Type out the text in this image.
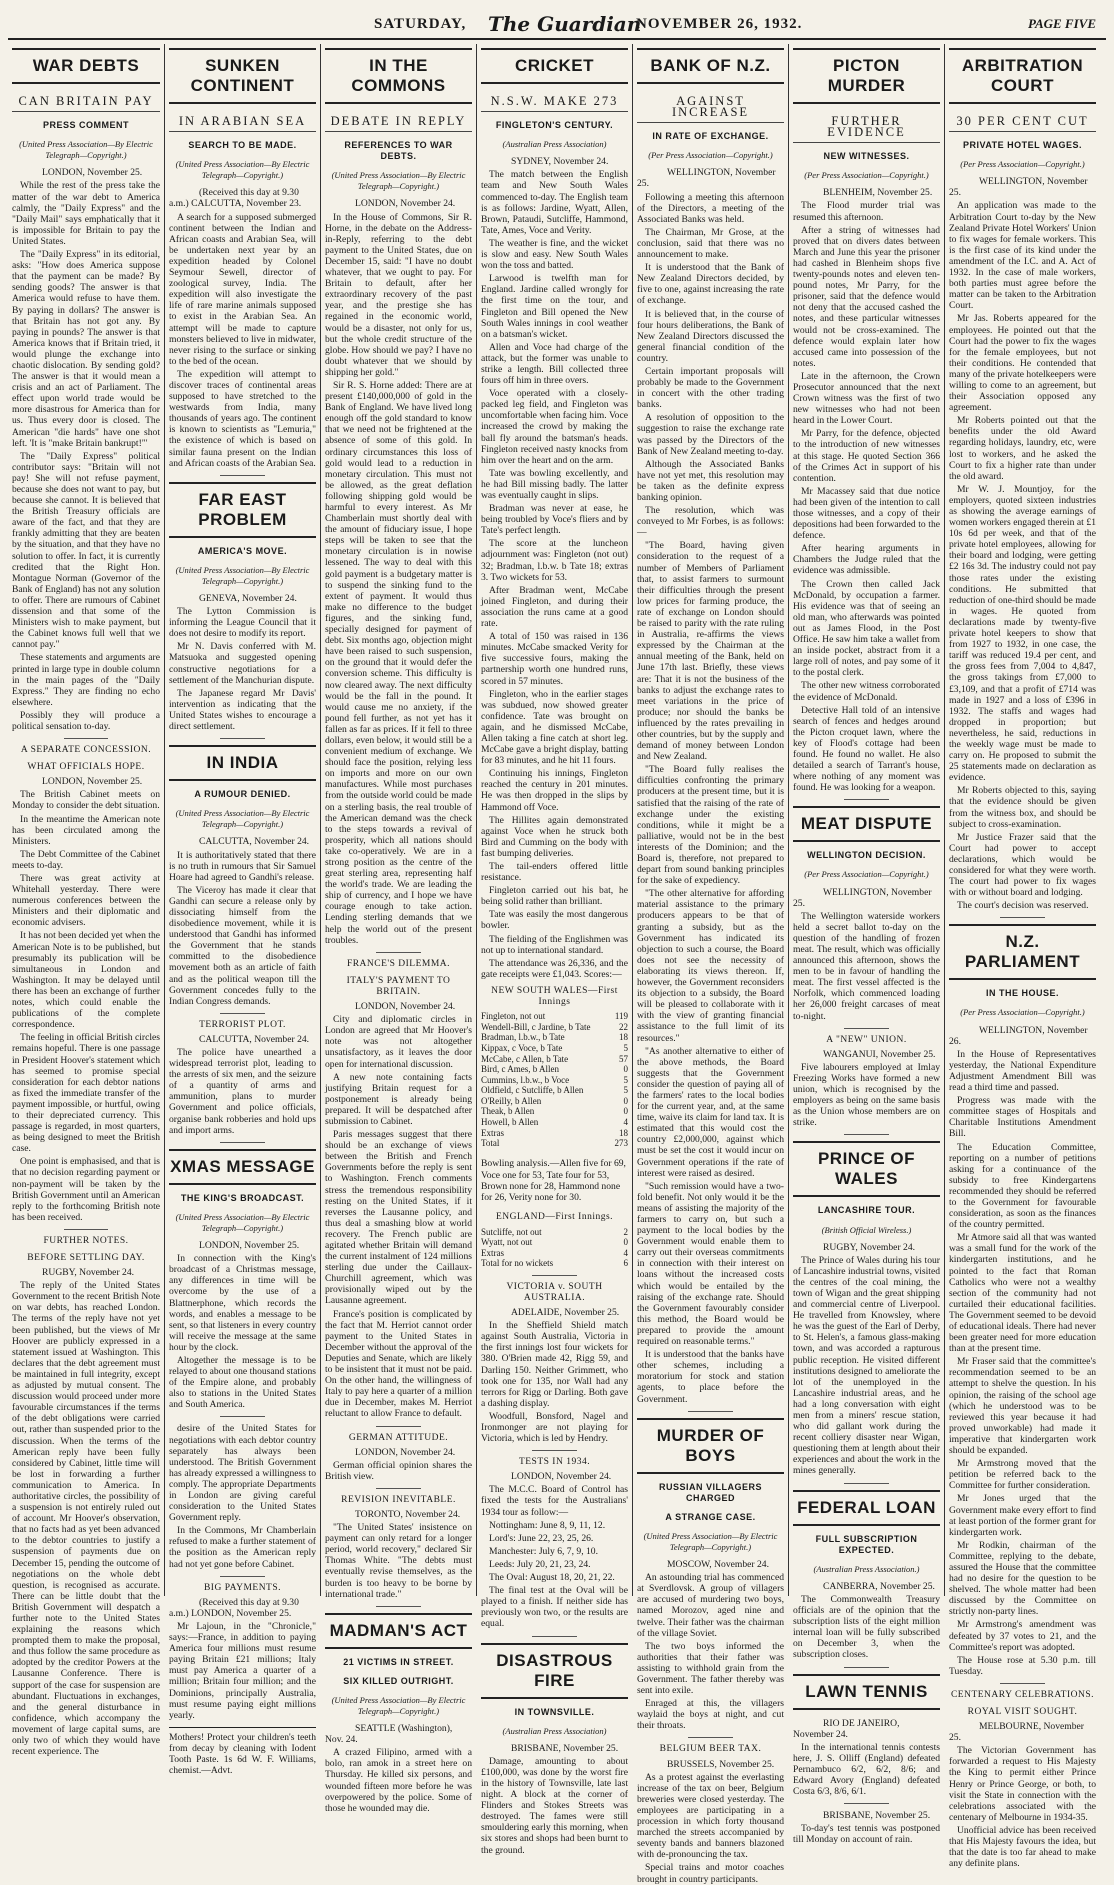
SATURDAY, The Guardian
NOVEMBER 26, 1932.	PAGE FIVE
WAR DEBTS
CAN BRITAIN PAY
PRESS COMMENT
(United Press Association—By Electric Telegraph—Copyright.)
LONDON, November 25.

While the rest of the press take the matter of the war debt to America calmly, the "Daily Express" and the "Daily Mail" says emphatically that it is impossible for Britain to pay the United States.

The "Daily Express" in its editorial, asks: "How does America suppose that the payment can be made? By sending goods? The answer is that America would refuse to have them. By paying in dollars? The answer is that Britain has not got any. By paying in pounds? The answer is that America knows that if Britain tried, it would plunge the exchange into chaotic dislocation. By sending gold? The answer is that it would mean a crisis and an act of Parliament. The effect upon world trade would be more disastrous for America than for us. Thus every door is closed. The American "die hards" have one shot left. 'It is "make Britain bankrupt!"'

The "Daily Express" political contributor says: "Britain will not pay! She will not refuse payment, because she does not want to pay, but because she cannot. It is believed that the British Treasury officials are aware of the fact, and that they are frankly admitting that they are beaten by the situation, and that they have no solution to offer. In fact, it is currently credited that the Right Hon. Montague Norman (Governor of the Bank of England) has not any solution to offer. There are rumours of Cabinet dissension and that some of the Ministers wish to make payment, but the Cabinet knows full well that we cannot pay."

These statements and arguments are printed in large type in double column in the main pages of the "Daily Express." They are finding no echo elsewhere.

Possibly they will produce a political sensation to-day.

A SEPARATE CONCESSION.
WHAT OFFICIALS HOPE.
LONDON, November 25.

The British Cabinet meets on Monday to consider the debt situation.

In the meantime the American note has been circulated among the Ministers.

The Debt Committee of the Cabinet meets to-day.

There was great activity at Whitehall yesterday. There were numerous conferences between the Ministers and their diplomatic and economic advisers.

It has not been decided yet when the American Note is to be published, but presumably its publication will be simultaneous in London and Washington. It may be delayed until there has been an exchange of further notes, which could enable the publications of the complete correspondence.

The feeling in official British circles remains hopeful. There is one passage in President Hoover's statement which has seemed to promise special consideration for each debtor nations as fixed the immediate transfer of the payment impossible, or hurtful, owing to their depreciated currency. This passage is regarded, in most quarters, as being designed to meet the British case.

One point is emphasised, and that is that no decision regarding payment or non-payment will be taken by the British Government until an American reply to the forthcoming British note has been received.

FURTHER NOTES.
BEFORE SETTLING DAY.
RUGBY, November 24.

The reply of the United States Government to the recent British Note on war debts, has reached London. The terms of the reply have not yet been published, but the views of Mr Hoover are publicly expressed in a statement issued at Washington. This declares that the debt agreement must be maintained in full integrity, except as adjusted by mutual consent. The discussion would proceed under more favourable circumstances if the terms of the debt obligations were carried out, rather than suspended prior to the discussion. When the terms of the American reply have been fully considered by Cabinet, little time will be lost in forwarding a further communication to America. In authoritative circles, the possibility of a suspension is not entirely ruled out of account. Mr Hoover's observation, that no facts had as yet been advanced to the debtor countries to justify a suspension of payments due on December 15, pending the outcome of negotiations on the whole debt question, is recognised as accurate. There can be little doubt that the British Government will despatch a further note to the United States explaining the reasons which prompted them to make the proposal, and thus follow the same procedure as adopted by the creditor Powers at the Lausanne Conference. There is support of the case for suspension are abundant. Fluctuations in exchanges, and the general disturbance in confidence, which accompany the movement of large capital sums, are only two of which they would have recent experience. The

SUNKEN CONTINENT
IN ARABIAN SEA
SEARCH TO BE MADE.
(United Press Association—By Electric Telegraph—Copyright.)
(Received this day at 9.30 a.m.) CALCUTTA, November 23.

A search for a supposed submerged continent between the Indian and African coasts and Arabian Sea, will be undertaken next year by an expedition headed by Colonel Seymour Sewell, director of zoological survey, India. The expedition will also investigate the life of rare marine animals supposed to exist in the Arabian Sea. An attempt will be made to capture monsters believed to live in midwater, never rising to the surface or sinking to the bed of the ocean.

The expedition will attempt to discover traces of continental areas supposed to have stretched to the westwards from India, many thousands of years ago. The continent is known to scientists as "Lemuria," the existence of which is based on similar fauna present on the Indian and African coasts of the Arabian Sea.

FAR EAST PROBLEM
AMERICA'S MOVE.
(United Press Association—By Electric Telegraph—Copyright.)
GENEVA, November 24.

The Lytton Commission is informing the League Council that it does not desire to modify its report.

Mr N. Davis conferred with M. Matsuoka and suggested opening constructive negotiations for a settlement of the Manchurian dispute.

The Japanese regard Mr Davis' intervention as indicating that the United States wishes to encourage a direct settlement.

IN INDIA
A RUMOUR DENIED.
(United Press Association—By Electric Telegraph—Copyright.)
CALCUTTA, November 24.

It is authoritatively stated that there is no truth in rumours that Sir Samuel Hoare had agreed to Gandhi's release.

The Viceroy has made it clear that Gandhi can secure a release only by dissociating himself from the disobedience movement, while it is understood that Gandhi has informed the Government that he stands committed to the disobedience movement both as an article of faith and as the political weapon till the Government concedes fully to the Indian Congress demands.

TERRORIST PLOT.
CALCUTTA, November 24.

The police have unearthed a widespread terrorist plot, leading to the arrests of six men, and the seizure of a quantity of arms and ammunition, plans to murder Government and police officials, organise bank robberies and hold ups and import arms.

XMAS MESSAGE
THE KING'S BROADCAST.
(United Press Association—By Electric Telegraph—Copyright.)
LONDON, November 25.

In connection with the King's broadcast of a Christmas message, any differences in time will be overcome by the use of a Blattnerphone, which records the words, and enables a message to be sent, so that listeners in every country will receive the message at the same hour by the clock.

Altogether the message is to be relayed to about one thousand stations of the Empire alone, and probably also to stations in the United States and South America.

desire of the United States for negotiations with each debtor country separately has always been understood. The British Government has already expressed a willingness to comply. The appropriate Departments in London are giving careful consideration to the United States Government reply.

In the Commons, Mr Chamberlain refused to make a further statement of the position as the American reply had not yet gone before Cabinet.

BIG PAYMENTS.
(Received this day at 9.30 a.m.) LONDON, November 25.

Mr Lajoun, in the "Chronicle," says:—France, in addition to paying America four millions must resume paying Britain £21 millions; Italy must pay America a quarter of a million; Britain four million; and the Dominions, principally Australia, must resume paying eight millions yearly.

Mothers! Protect your children's teeth from decay by cleaning with Iodent Tooth Paste. 1s 6d W. F. Williams, chemist.—Advt.
IN THE COMMONS
DEBATE IN REPLY
REFERENCES TO WAR DEBTS.
(United Press Association—By Electric Telegraph—Copyright.)
LONDON, November 24.

In the House of Commons, Sir R. Horne, in the debate on the Address-in-Reply, referring to the debt payment to the United States, due on December 15, said: "I have no doubt whatever, that we ought to pay. For Britain to default, after her extraordinary recovery of the past year, and the prestige she has regained in the economic world, would be a disaster, not only for us, but the whole credit structure of the globe. How should we pay? I have no doubt whatever that we should by shipping her gold."

Sir R. S. Horne added: There are at present £140,000,000 of gold in the Bank of England. We have lived long enough off the gold standard to know that we need not be frightened at the absence of some of this gold. In ordinary circumstances this loss of gold would lead to a reduction in monetary circulation. This must not be allowed, as the great deflation following shipping gold would be harmful to every interest. As Mr Chamberlain must shortly deal with the amount of fiduciary issue, I hope steps will be taken to see that the monetary circulation is in nowise lessened. The way to deal with this gold payment is a budgetary matter is to suspend the sinking fund to the extent of payment. It would thus make no difference to the budget figures, and the sinking fund, specially designed for payment of debt. Six months ago, objection might have been raised to such suspension, on the ground that it would defer the conversion scheme. This difficulty is now cleared away. The next difficulty would be the fall in the pound. It would cause me no anxiety, if the pound fell further, as not yet has it fallen as far as prices. If it fell to three dollars, even below, it would still be a convenient medium of exchange. We should face the position, relying less on imports and more on our own manufactures. While most purchases from the outside world could be made on a sterling basis, the real trouble of the American demand was the check to the steps towards a revival of prosperity, which all nations should take co-operatively. We are in a strong position as the centre of the great sterling area, representing half the world's trade. We are leading the ship of currency, and I hope we have courage enough to take action. Lending sterling demands that we help the world out of the present troubles.

FRANCE'S DILEMMA.
ITALY'S PAYMENT TO BRITAIN.
LONDON, November 24.

City and diplomatic circles in London are agreed that Mr Hoover's note was not altogether unsatisfactory, as it leaves the door open for international discussion.

A new note containing facts justifying Britain request for a postponement is already being prepared. It will be despatched after submission to Cabinet.

Paris messages suggest that there should be an exchange of views between the British and French Governments before the reply is sent to Washington. French comments stress the tremendous responsibility resting on the United States, if it reverses the Lausanne policy, and thus deal a smashing blow at world recovery. The French public are agitated whether Britain will demand the current instalment of 124 millions sterling due under the Caillaux-Churchill agreement, which was provisionally wiped out by the Lausanne agreement.

France's position is complicated by the fact that M. Herriot cannot order payment to the United States in December without the approval of the Deputies and Senate, which are likely to be insistent that it must not be paid. On the other hand, the willingness of Italy to pay here a quarter of a million due in December, makes M. Herriot reluctant to allow France to default.

GERMAN ATTITUDE.
LONDON, November 24.

German official opinion shares the British view.

REVISION INEVITABLE.
TORONTO, November 24.

"The United States' insistence on payment can only retard for a longer period, world recovery," declared Sir Thomas White. "The debts must eventually revise themselves, as the burden is too heavy to be borne by international trade."

MADMAN'S ACT
21 VICTIMS IN STREET.
SIX KILLED OUTRIGHT.
(United Press Association—By Electric Telegraph—Copyright.)
SEATTLE (Washington), Nov. 24.

A crazed Filipino, armed with a bolo, ran amok in a street here on Thursday. He killed six persons, and wounded fifteen more before he was overpowered by the police. Some of those he wounded may die.

CRICKET
N.S.W. MAKE 273
FINGLETON'S CENTURY.
(Australian Press Association)
SYDNEY, November 24.

The match between the English team and New South Wales commenced to-day. The English team is as follows: Jardine, Wyatt, Allen, Brown, Pataudi, Sutcliffe, Hammond, Tate, Ames, Voce and Verity.

The weather is fine, and the wicket is slow and easy. New South Wales won the toss and batted.

Larwood is twelfth man for England. Jardine called wrongly for the first time on the tour, and Fingleton and Bill opened the New South Wales innings in cool weather on a batsman's wicket.

Allen and Voce had charge of the attack, but the former was unable to strike a length. Bill collected three fours off him in three overs.

Voce operated with a closely-packed leg field, and Fingleton was uncomfortable when facing him. Voce increased the crowd by making the ball fly around the batsman's heads. Fingleton received nasty knocks from him over the heart and on the arm.

Tate was bowling excellently, and he had Bill missing badly. The latter was eventually caught in slips.

Bradman was never at ease, he being troubled by Voce's fliers and by Tate's perfect length.

The score at the luncheon adjournment was: Fingleton (not out) 32; Bradman, l.b.w. b Tate 18; extras 3. Two wickets for 53.

After Bradman went, McCabe joined Fingleton, and during their association the runs came at a good rate.

A total of 150 was raised in 136 minutes. McCabe smacked Verity for five successive fours, making the partnership worth one hundred runs, scored in 57 minutes.

Fingleton, who in the earlier stages was subdued, now showed greater confidence. Tate was brought on again, and he dismissed McCabe, Allen taking a fine catch at short leg. McCabe gave a bright display, batting for 83 minutes, and he hit 11 fours.

Continuing his innings, Fingleton reached the century in 201 minutes. He was then dropped in the slips by Hammond off Voce.

The Hillites again demonstrated against Voce when he struck both Bird and Cumming on the body with fast bumping deliveries.

The tail-enders offered little resistance.

Fingleton carried out his bat, he being solid rather than brilliant.

Tate was easily the most dangerous bowler.

The fielding of the Englishmen was not up to international standard.

The attendance was 26,336, and the gate receipts were £1,043. Scores:—

NEW SOUTH WALES—First Innings
Fingleton, not out	119
Wendell-Bill, c Jardine, b Tate	22
Bradman, l.b.w., b Tate	18
Kippax, c Voce, b Tate	5
McCabe, c Allen, b Tate	57
Bird, c Ames, b Allen	0
Cummins, l.b.w., b Voce	5
Oldfield, c Sutcliffe, b Allen	5
O'Reilly, b Allen	0
Theak, b Allen	0
Howell, b Allen	4
Extras	18
Total	273

Bowling analysis.—Allen five for 69, Voce one for 53, Tate four for 53, Brown none for 28, Hammond none for 26, Verity none for 30.

ENGLAND—First Innings.
Sutcliffe, not out	2
Wyatt, not out	0
Extras	4
Total for no wickets	6
VICTORIA v. SOUTH AUSTRALIA.
ADELAIDE, November 25.

In the Sheffield Shield match against South Australia, Victoria in the first innings lost four wickets for 380. O'Brien made 42, Rigg 59, and Darling 150. Neither Grimmett, who took one for 135, nor Wall had any terrors for Rigg or Darling. Both gave a dashing display.

Woodfull, Bonsford, Nagel and Ironmonger are not playing for Victoria, which is led by Hendry.

TESTS IN 1934.
LONDON, November 24.

The M.C.C. Board of Control has fixed the tests for the Australians' 1934 tour as follow:—

Nottingham: June 8, 9, 11, 12.

Lord's: June 22, 23, 25, 26.

Manchester: July 6, 7, 9, 10.

Leeds: July 20, 21, 23, 24.

The Oval: August 18, 20, 21, 22.

The final test at the Oval will be played to a finish. If neither side has previously won two, or the results are equal.

DISASTROUS FIRE
IN TOWNSVILLE.
(Australian Press Association)
BRISBANE, November 25.

Damage, amounting to about £100,000, was done by the worst fire in the history of Townsville, late last night. A block at the corner of Flinders and Stokes Streets was destroyed. The fames were still smouldering early this morning, when six stores and shops had been burnt to the ground.

BANK OF N.Z.
AGAINST INCREASE
IN RATE OF EXCHANGE.
(Per Press Association—Copyright.)
WELLINGTON, November 25.

Following a meeting this afternoon of the Directors, a meeting of the Associated Banks was held.

The Chairman, Mr Grose, at the conclusion, said that there was no announcement to make.

It is understood that the Bank of New Zealand Directors decided, by five to one, against increasing the rate of exchange.

It is believed that, in the course of four hours deliberations, the Bank of New Zealand Directors discussed the general financial condition of the country.

Certain important proposals will probably be made to the Government in concert with the other trading banks.

A resolution of opposition to the suggestion to raise the exchange rate was passed by the Directors of the Bank of New Zealand meeting to-day.

Although the Associated Banks have not yet met, this resolution may be taken as the definite express banking opinion.

The resolution, which was conveyed to Mr Forbes, is as follows:—

"The Board, having given consideration to the request of a number of Members of Parliament that, to assist farmers to surmount their difficulties through the present low prices for farming produce, the rate of exchange on London should be raised to parity with the rate ruling in Australia, re-affirms the views expressed by the Chairman at the annual meeting of the Bank, held on June 17th last. Briefly, these views are: That it is not the business of the banks to adjust the exchange rates to meet variations in the price of produce; nor should the banks be influenced by the rates prevailing in other countries, but by the supply and demand of money between London and New Zealand.

"The Board fully realises the difficulties confronting the primary producers at the present time, but it is satisfied that the raising of the rate of exchange under the existing conditions, while it might be a palliative, would not be in the best interests of the Dominion; and the Board is, therefore, not prepared to depart from sound banking principles for the sake of expediency.

"The other alternative for affording material assistance to the primary producers appears to be that of granting a subsidy, but as the Government has indicated its objection to such a course, the Board does not see the necessity of elaborating its views thereon. If, however, the Government reconsiders its objection to a subsidy, the Board will be pleased to collaborate with it with the view of granting financial assistance to the full limit of its resources."

"As another alternative to either of the above methods, the Board suggests that the Government consider the question of paying all of the farmers' rates to the local bodies for the current year, and, at the same time, waive its claim for land tax. It is estimated that this would cost the country £2,000,000, against which must be set the cost it would incur on Government operations if the rate of interest were raised as desired.

"Such remission would have a two-fold benefit. Not only would it be the means of assisting the majority of the farmers to carry on, but such a payment to the local bodies by the Government would enable them to carry out their overseas commitments in connection with their interest on loans without the increased costs which would be entailed by the raising of the exchange rate. Should the Government favourably consider this method, the Board would be prepared to provide the amount required on reasonable terms."

It is understood that the banks have other schemes, including a moratorium for stock and station agents, to place before the Government.

MURDER OF BOYS
RUSSIAN VILLAGERS CHARGED
A STRANGE CASE.
(United Press Association—By Electric Telegraph—Copyright.)
MOSCOW, November 24.

An astounding trial has commenced at Sverdlovsk. A group of villagers are accused of murdering two boys, named Morozov, aged nine and twelve. Their father was the chairman of the village Soviet.

The two boys informed the authorities that their father was assisting to withhold grain from the Government. The father thereby was sent into exile.

Enraged at this, the villagers waylaid the boys at night, and cut their throats.

BELGIUM BEER TAX.
BRUSSELS, November 25.

As a protest against the everlasting increase of the tax on beer, Belgium breweries were closed yesterday. The employees are participating in a procession in which forty thousand marched the streets accompanied by seventy bands and banners blazoned with de-pronouncing the tax.

Special trains and motor coaches brought in country participants.

PICTON MURDER
FURTHER EVIDENCE
NEW WITNESSES.
(Per Press Association—Copyright.)
BLENHEIM, November 25.

The Flood murder trial was resumed this afternoon.

After a string of witnesses had proved that on divers dates between March and June this year the prisoner had cashed in Blenheim shops five twenty-pounds notes and eleven ten-pound notes, Mr Parry, for the prisoner, said that the defence would not deny that the accused cashed the notes, and these particular witnesses would not be cross-examined. The defence would explain later how accused came into possession of the notes.

Late in the afternoon, the Crown Prosecutor announced that the next Crown witness was the first of two new witnesses who had not been heard in the Lower Court.

Mr Parry, for the defence, objected to the introduction of new witnesses at this stage. He quoted Section 366 of the Crimes Act in support of his contention.

Mr Macassey said that due notice had been given of the intention to call those witnesses, and a copy of their depositions had been forwarded to the defence.

After hearing arguments in Chambers the Judge ruled that the evidence was admissible.

The Crown then called Jack McDonald, by occupation a farmer. His evidence was that of seeing an old man, who afterwards was pointed out as James Flood, in the Post Office. He saw him take a wallet from an inside pocket, abstract from it a large roll of notes, and pay some of it to the postal clerk.

The other new witness corroborated the evidence of McDonald.

Detective Hall told of an intensive search of fences and hedges around the Picton croquet lawn, where the key of Flood's cottage had been found. He found no wallet. He also detailed a search of Tarrant's house, where nothing of any moment was found. He was looking for a weapon.

MEAT DISPUTE
WELLINGTON DECISION.
(Per Press Association—Copyright.)
WELLINGTON, November 25.

The Wellington waterside workers held a secret ballot to-day on the question of the handling of frozen meat. The result, which was officially announced this afternoon, shows the men to be in favour of handling the meat. The first vessel affected is the Norfolk, which commenced loading her 26,000 freight carcases of meat to-night.

A "NEW" UNION.
WANGANUI, November 25.

Five labourers employed at Imlay Freezing Works have formed a new union, which is recognised by the employers as being on the same basis as the Union whose members are on strike.

PRINCE OF WALES
LANCASHIRE TOUR.
(British Official Wireless.)
RUGBY, November 24.

The Prince of Wales during his tour of Lancashire industrial towns, visited the centres of the coal mining, the town of Wigan and the great shipping and commercial centre of Liverpool. He travelled from Knowsley, where he was the guest of the Earl of Derby, to St. Helen's, a famous glass-making town, and was accorded a rapturous public reception. He visited different institutions designed to ameliorate the lot of the unemployed in the Lancashire industrial areas, and he had a long conversation with eight men from a miners' rescue station, who did gallant work during the recent colliery disaster near Wigan, questioning them at length about their experiences and about the work in the mines generally.

FEDERAL LOAN
FULL SUBSCRIPTION EXPECTED.
(Australian Press Association.)
CANBERRA, November 25.

The Commonwealth Treasury officials are of the opinion that the subscription lists of the eight million internal loan will be fully subscribed on December 3, when the subscription closes.

LAWN TENNIS
RIO DE JANEIRO, November 24.

In the international tennis contests here, J. S. Olliff (England) defeated Pernambuco 6/2, 6/2, 8/6; and Edward Avory (England) defeated Costa 6/3, 8/6, 6/1.

BRISBANE, November 25.

To-day's test tennis was postponed till Monday on account of rain.

ARBITRATION COURT
30 PER CENT CUT
PRIVATE HOTEL WAGES.
(Per Press Association—Copyright.)
WELLINGTON, November 25.

An application was made to the Arbitration Court to-day by the New Zealand Private Hotel Workers' Union to fix wages for female workers. This is the first case of its kind under the amendment of the I.C. and A. Act of 1932. In the case of male workers, both parties must agree before the matter can be taken to the Arbitration Court.

Mr Jas. Roberts appeared for the employees. He pointed out that the Court had the power to fix the wages for the female employees, but not their conditions. He contended that many of the private hotelkeepers were willing to come to an agreement, but their Association opposed any agreement.

Mr Roberts pointed out that the benefits under the old Award regarding holidays, laundry, etc, were lost to workers, and he asked the Court to fix a higher rate than under the old award.

Mr W. J. Mountjoy, for the employers, quoted sixteen industries as showing the average earnings of women workers engaged therein at £1 10s 6d per week, and that of the private hotel employees, allowing for their board and lodging, were getting £2 16s 3d. The industry could not pay those rates under the existing conditions. He submitted that reduction of one-third should be made in wages. He quoted from declarations made by twenty-five private hotel keepers to show that from 1927 to 1932, in one case, the tariff was reduced 19.4 per cent, and the gross fees from 7,004 to 4,847, the gross takings from £7,000 to £3,109, and that a profit of £714 was made in 1927 and a loss of £396 in 1932. The staffs and wages had dropped in proportion; but nevertheless, he said, reductions in the weekly wage must be made to carry on. He proposed to submit the 25 statements made on declaration as evidence.

Mr Roberts objected to this, saying that the evidence should be given from the witness box, and should be subject to cross-examination.

Mr Justice Frazer said that the Court had power to accept declarations, which would be considered for what they were worth. The court had power to fix wages with or without board and lodging.

The court's decision was reserved.

N.Z. PARLIAMENT
IN THE HOUSE.
(Per Press Association—Copyright.)
WELLINGTON, November 26.

In the House of Representatives yesterday, the National Expenditure Adjustment Amendment Bill was read a third time and passed.

Progress was made with the committee stages of Hospitals and Charitable Institutions Amendment Bill.

The Education Committee, reporting on a number of petitions asking for a continuance of the subsidy to free Kindergartens recommended they should be referred to the Government for favourable consideration, as soon as the finances of the country permitted.

Mr Atmore said all that was wanted was a small fund for the work of the kindergarten institutions, and he pointed to the fact that Roman Catholics who were not a wealthy section of the community had not curtailed their educational facilities. The Government seemed to be devoid of educational ideals. There had never been greater need for more education than at the present time.

Mr Fraser said that the committee's recommendation seemed to be an attempt to shelve the question. In his opinion, the raising of the school age (which he understood was to be reviewed this year because it had proved unworkable) had made it imperative that kindergarten work should be expanded.

Mr Armstrong moved that the petition be referred back to the Committee for further consideration.

Mr Jones urged that the Government make every effort to find at least portion of the former grant for kindergarten work.

Mr Rodkin, chairman of the Committee, replying to the debate, assured the House that the committee had no desire for the question to be shelved. The whole matter had been discussed by the Committee on strictly non-party lines.

Mr Armstrong's amendment was defeated by 37 votes to 21, and the Committee's report was adopted.

The House rose at 5.30 p.m. till Tuesday.

CENTENARY CELEBRATIONS.
ROYAL VISIT SOUGHT.
MELBOURNE, November 25.

The Victorian Government has forwarded a request to His Majesty the King to permit either Prince Henry or Prince George, or both, to visit the State in connection with the celebrations associated with the centenary of Melbourne in 1934-35.

Unofficial advice has been received that His Majesty favours the idea, but that the date is too far ahead to make any definite plans.
